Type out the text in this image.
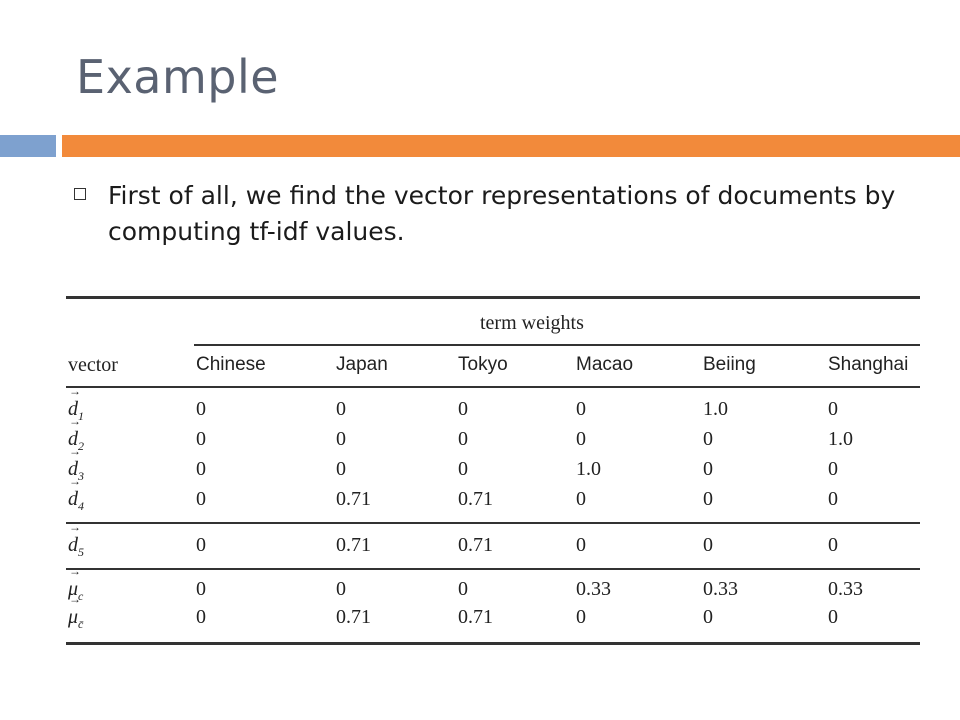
Example
First of all, we find the vector representations of documents by computing tf-idf values.
term weights
vector	Chinese	Japan	Tokyo	Macao	Beiing	Shanghai
→ $d_1$	0	0	0	0	1.0	0
→ $d_2$	0	0	0	0	0	1.0
→ $d_3$	0	0	0	1.0	0	0
→ $d_4$	0	0.71	0.71	0	0	0
→ $d_5$	0	0.71	0.71	0	0	0
→ $\mu_c$	0	0	0	0.33	0.33	0.33
→ $\mu_{c̄}$	0	0.71	0.71	0	0	0
